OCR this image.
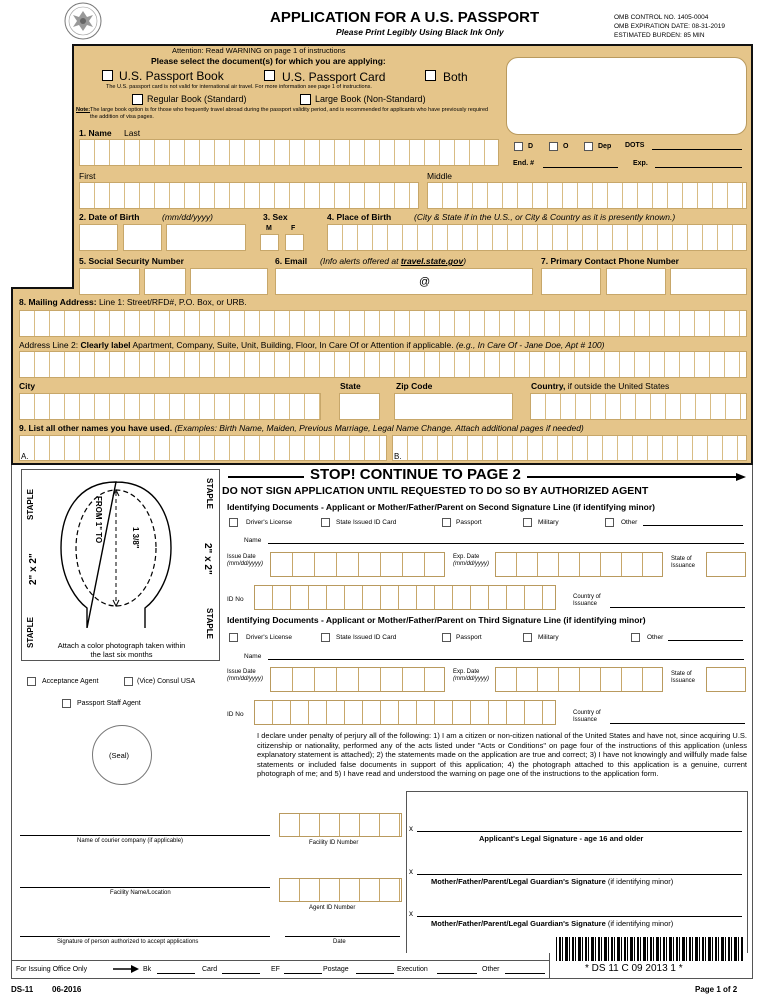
APPLICATION FOR A U.S. PASSPORT
Please Print Legibly Using Black Ink Only
OMB CONTROL NO. 1405-0004
OMB EXPIRATION DATE: 08-31-2019
ESTIMATED BURDEN: 85 MIN
Attention: Read WARNING on page 1 of instructions
Please select the document(s) for which you are applying:
U.S. Passport Book	U.S. Passport Card	Both
The U.S. passport card is not valid for international air travel. For more information see page 1 of instructions.
Regular Book (Standard)	Large Book (Non-Standard)
Note: The large book option is for those who frequently travel abroad during the passport validity period, and is recommended for applicants who have previously required the addition of visa pages.
D	O	Dep DOTS
End. #	Exp.
1. Name Last
First	Middle
2. Date of Birth	(mm/dd/yyyy)	3. Sex
M	F
4. Place of Birth	(City & State if in the U.S., or City & Country as it is presently known.)
5. Social Security Number	6. Email (Info alerts offered at travel.state.gov)
@
7. Primary Contact Phone Number
8. Mailing Address: Line 1: Street/RFD#, P.O. Box, or URB.
Address Line 2: Clearly label Apartment, Company, Suite, Unit, Building, Floor, In Care Of or Attention if applicable. (e.g., In Care Of - Jane Doe, Apt # 100)
City	State	Zip Code	Country, if outside the United States
9. List all other names you have used. (Examples: Birth Name, Maiden, Previous Marriage, Legal Name Change. Attach additional pages if needed)
A.	B.
STAPLE
STAPLE
STAPLE
STAPLE
2" x 2"	2" x 2"
FROM 1" TO	1 3/8"
Attach a color photograph taken within the last six months
Acceptance Agent	(Vice) Consul USA
Passport Staff Agent
(Seal)
STOP! CONTINUE TO PAGE 2
DO NOT SIGN APPLICATION UNTIL REQUESTED TO DO SO BY AUTHORIZED AGENT
Identifying Documents - Applicant or Mother/Father/Parent on Second Signature Line (if identifying minor)
Driver's License	State Issued ID Card	Passport	Military	Other
Name
Issue Date
(mm/dd/yyyy)
Exp. Date
(mm/dd/yyyy)
State of
Issuance
ID No	Country of
Issuance
Identifying Documents - Applicant or Mother/Father/Parent on Third Signature Line (if identifying minor)
Driver's License	State Issued ID Card	Passport	Military	Other
Name
Issue Date
(mm/dd/yyyy)
Exp. Date
(mm/dd/yyyy)
State of
Issuance
ID No	Country of
Issuance
I declare under penalty of perjury all of the following: 1) I am a citizen or non-citizen national of the United States and have not, since acquiring U.S. citizenship or nationality, performed any of the acts listed under "Acts or Conditions" on page four of the instructions of this application (unless explanatory statement is attached); 2) the statements made on the application are true and correct; 3) I have not knowingly and willfully made false statements or included false documents in support of this application; 4) the photograph attached to this application is a genuine, current photograph of me; and 5) I have read and understood the warning on page one of the instructions to the application form.
Name of courier company (if applicable)	Facility ID Number
Facility Name/Location
Agent ID Number
Signature of person authorized to accept applications	Date
x
Applicant's Legal Signature - age 16 and older
x
Mother/Father/Parent/Legal Guardian's Signature (if identifying minor)
x
Mother/Father/Parent/Legal Guardian's Signature (if identifying minor)
* DS 11 C 09 2013 1 *
For Issuing Office Only	Bk	Card	EF	Postage	Execution	Other
DS-11 06-2016	Page 1 of 2
